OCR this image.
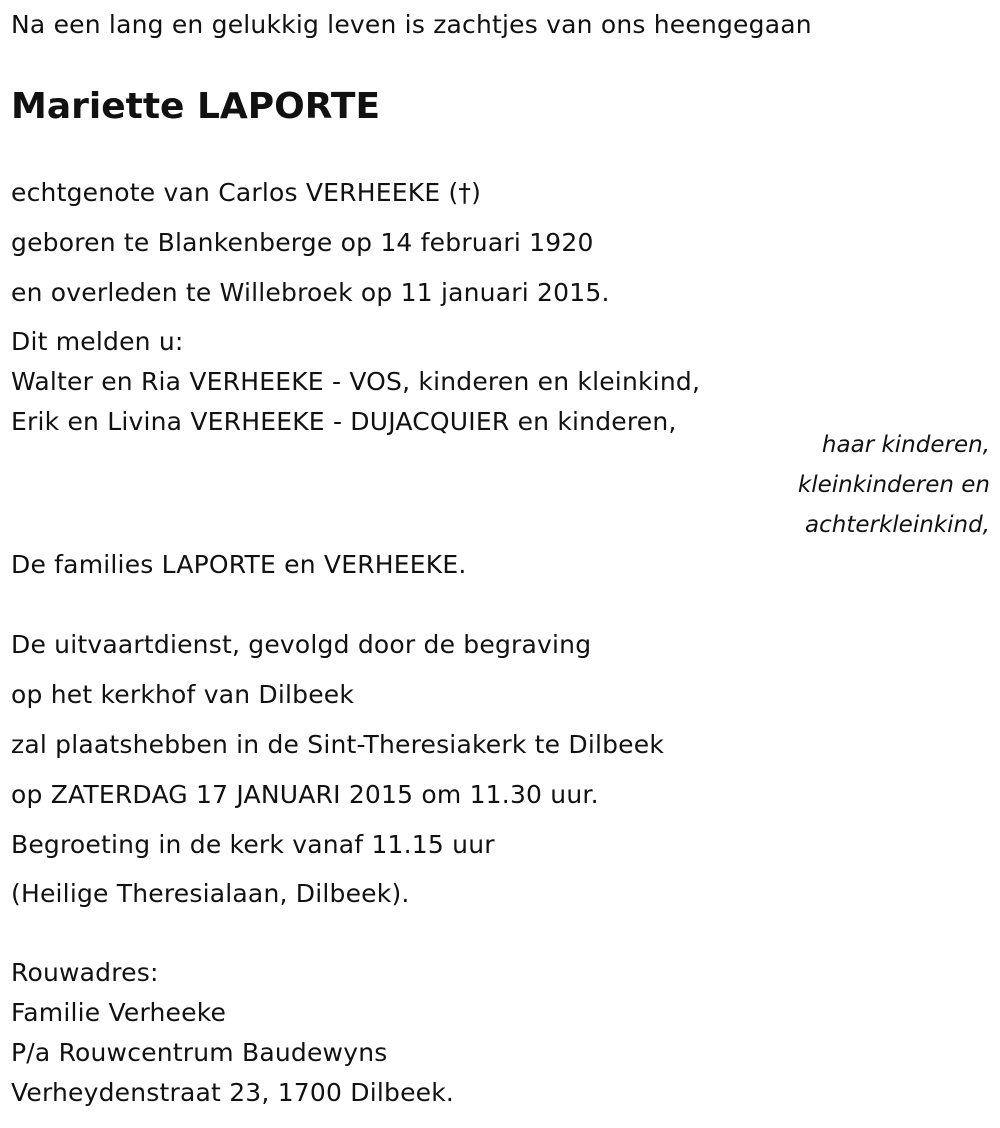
Na een lang en gelukkig leven is zachtjes van ons heengegaan
Mariette LAPORTE
echtgenote van Carlos VERHEEKE (†)
geboren te Blankenberge op 14 februari 1920
en overleden te Willebroek op 11 januari 2015.
Dit melden u:
Walter en Ria VERHEEKE - VOS, kinderen en kleinkind,
Erik en Livina VERHEEKE - DUJACQUIER en kinderen,
haar kinderen,
kleinkinderen en
achterkleinkind,
De families LAPORTE en VERHEEKE.
De uitvaartdienst, gevolgd door de begraving
op het kerkhof van Dilbeek
zal plaatshebben in de Sint-Theresiakerk te Dilbeek
op ZATERDAG 17 JANUARI 2015 om 11.30 uur.
Begroeting in de kerk vanaf 11.15 uur
(Heilige Theresialaan, Dilbeek).
Rouwadres:
Familie Verheeke
P/a Rouwcentrum Baudewyns
Verheydenstraat 23, 1700 Dilbeek.
